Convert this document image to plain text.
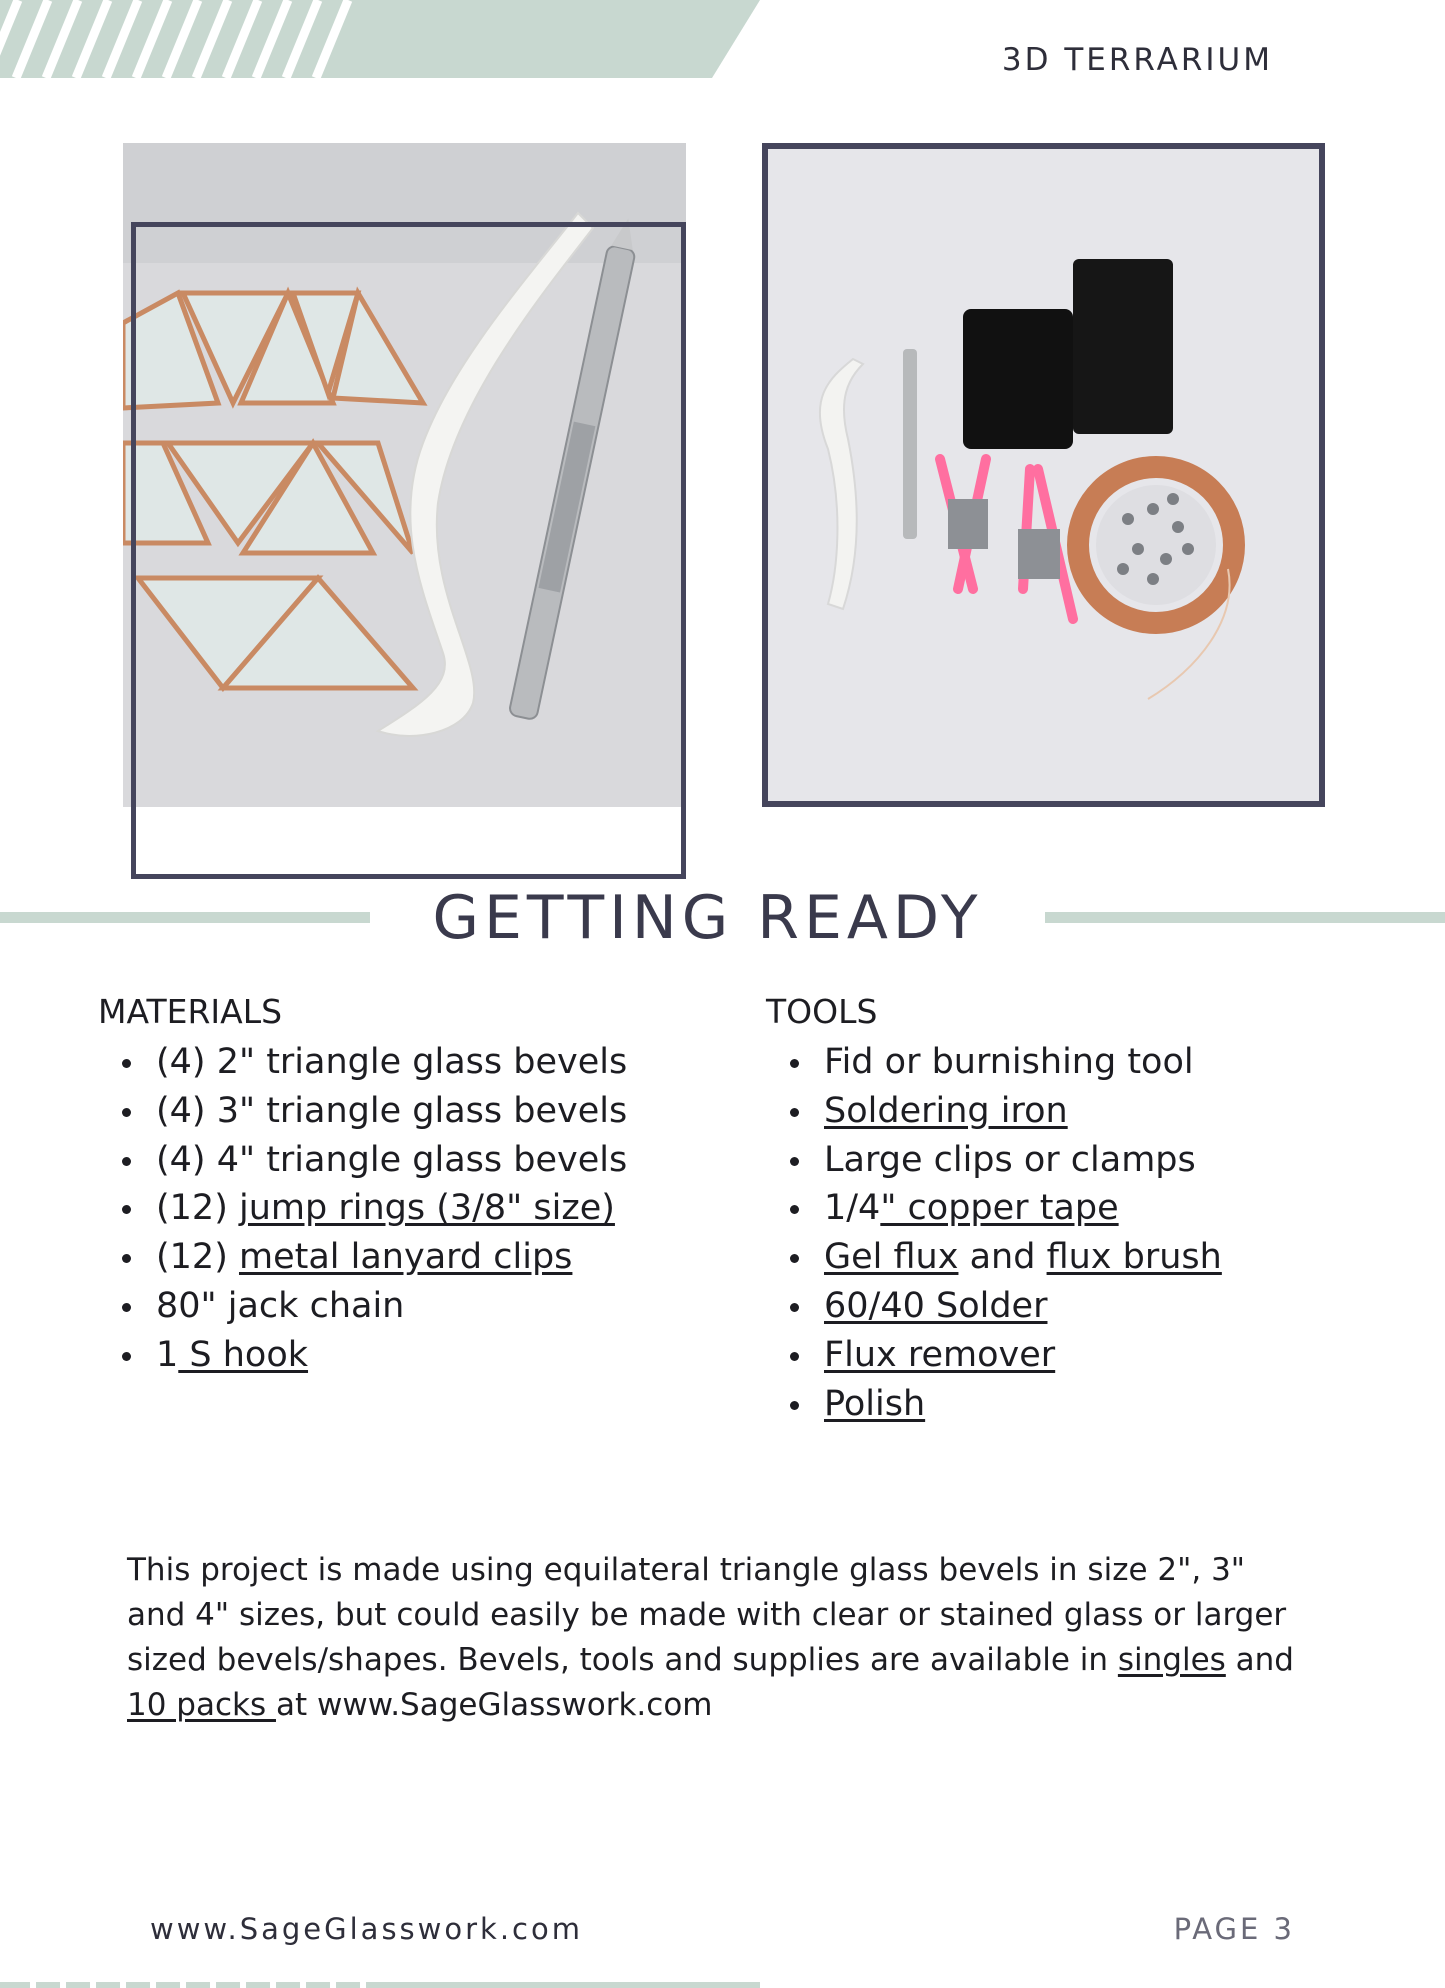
3D TERRARIUM
GETTING READY
MATERIALS
(4) 2" triangle glass bevels
(4) 3" triangle glass bevels
(4) 4" triangle glass bevels
(12) jump rings (3/8" size)
(12) metal lanyard clips
80" jack chain
1 S hook
TOOLS
Fid or burnishing tool
Soldering iron
Large clips or clamps
1/4" copper tape
Gel flux and flux brush
60/40 Solder
Flux remover
Polish

This project is made using equilateral triangle glass bevels in size 2", 3" and 4" sizes, but could easily be made with clear or stained glass or larger sized bevels/shapes. Bevels, tools and supplies are available in singles and 10 packs at www.SageGlasswork.com

www.SageGlasswork.com	PAGE 3
